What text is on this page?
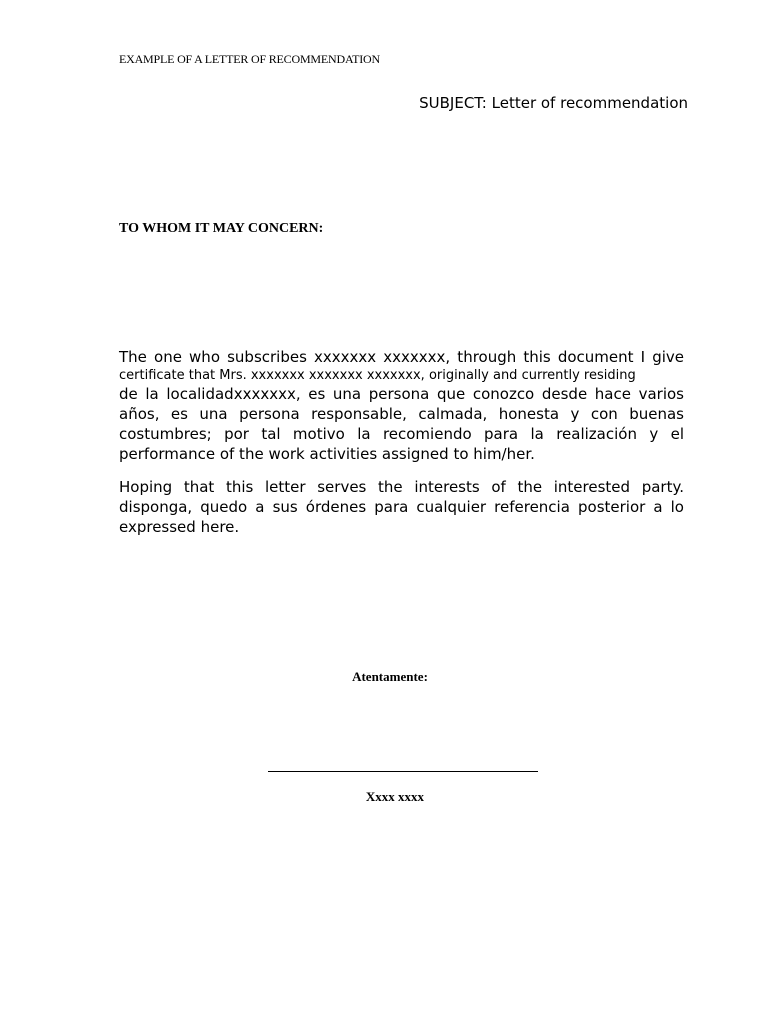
EXAMPLE OF A LETTER OF RECOMMENDATION
SUBJECT: Letter of recommendation
TO WHOM IT MAY CONCERN:
The one who subscribes xxxxxxx xxxxxxx, through this document I give
certificate that Mrs. xxxxxxx xxxxxxx xxxxxxx, originally and currently residing
de la localidadxxxxxxx, es una persona que conozco desde hace varios
años, es una persona responsable, calmada, honesta y con buenas
costumbres; por tal motivo la recomiendo para la realización y el
performance of the work activities assigned to him/her.
Hoping that this letter serves the interests of the interested party.
disponga, quedo a sus órdenes para cualquier referencia posterior a lo
expressed here.
Atentamente:
Xxxx xxxx
